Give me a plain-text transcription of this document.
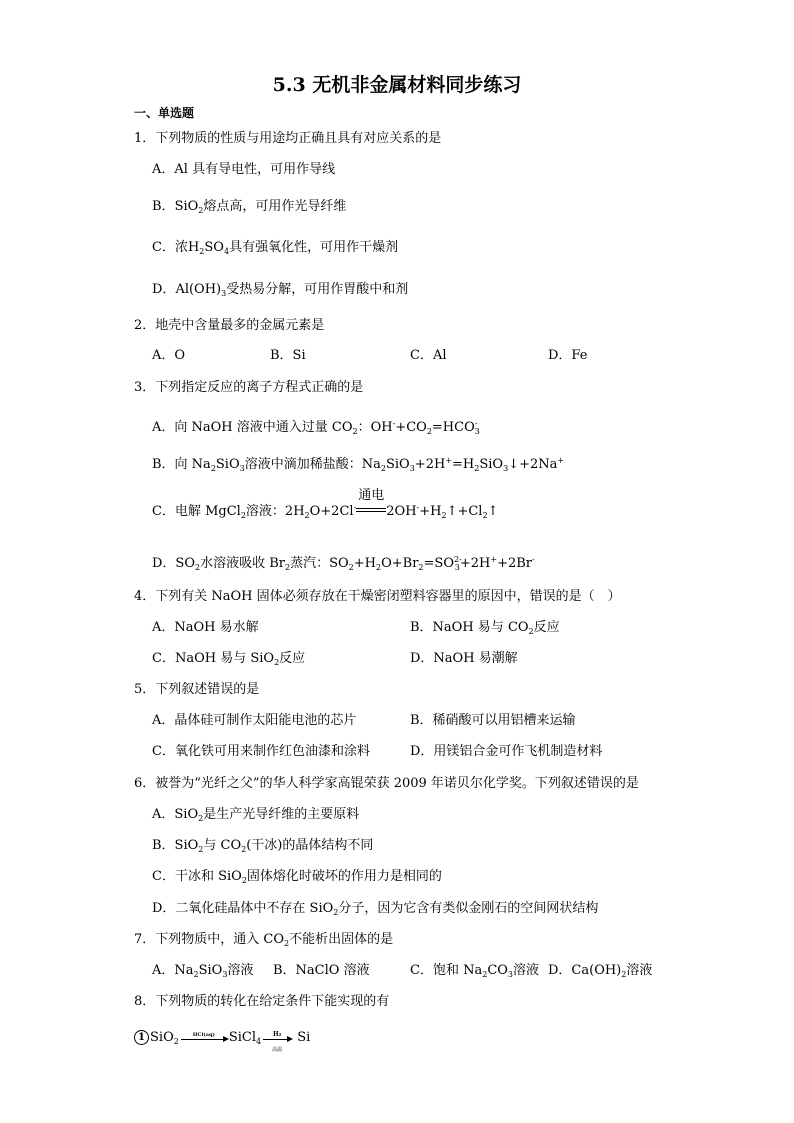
5.3 无机非金属材料同步练习
一、单选题
1．下列物质的性质与用途均正确且具有对应关系的是
A．Al 具有导电性，可用作导线
B．SiO$_2$熔点高，可用作光导纤维
C．浓$H_2SO_4$具有强氧化性，可用作干燥剂
D．$Al(OH)_3$受热易分解，可用作胃酸中和剂
2．地壳中含量最多的金属元素是
A．O	B．Si	C．Al	D．Fe
3．下列指定反应的离子方程式正确的是
A．向 NaOH 溶液中通入过量 $CO_2$：$OH^-+CO_2=HCO_3^-$
B．向 $Na_2SiO_3$溶液中滴加稀盐酸：$Na_2SiO_3+2H^+=H_2SiO_3↓+2Na^+$
C．电解 MgCl$_2$溶液：$2H_2O+2Cl^-$
通电
$2OH^-+H_2↑+Cl_2↑$
D．$SO_2$水溶液吸收 $Br_2$蒸汽：$SO_2+H_2O+Br_2=SO^{2-}_3+2H^++2Br^-$
4．下列有关 NaOH 固体必须存放在干燥密闭塑料容器里的原因中，错误的是（　）
A．NaOH 易水解	B．NaOH 易与 $CO_2$反应
C．NaOH 易与 SiO$_2$反应	D．NaOH 易潮解
5．下列叙述错误的是
A．晶体硅可制作太阳能电池的芯片	B．稀硝酸可以用铝槽来运输
C．氧化铁可用来制作红色油漆和涂料	D．用镁铝合金可作飞机制造材料
6．被誉为“光纤之父”的华人科学家高锟荣获 2009 年诺贝尔化学奖。下列叙述错误的是
A．SiO$_2$是生产光导纤维的主要原料
B．SiO$_2$与 $CO_2$(干冰)的晶体结构不同
C．干冰和 SiO$_2$固体熔化时破坏的作用力是相同的
D．二氧化硅晶体中不存在 SiO$_2$分子，因为它含有类似金刚石的空间网状结构
7．下列物质中，通入 $CO_2$不能析出固体的是
A．$Na_2SiO_3$溶液 B．NaClO 溶液	C．饱和 $Na_2CO_3$溶液 D．$Ca(OH)_2$溶液
8．下列物质的转化在给定条件下能实现的有
1 SiO$_2$
HCl(aq)	SiCl$_4$
H₂
高温
Si
